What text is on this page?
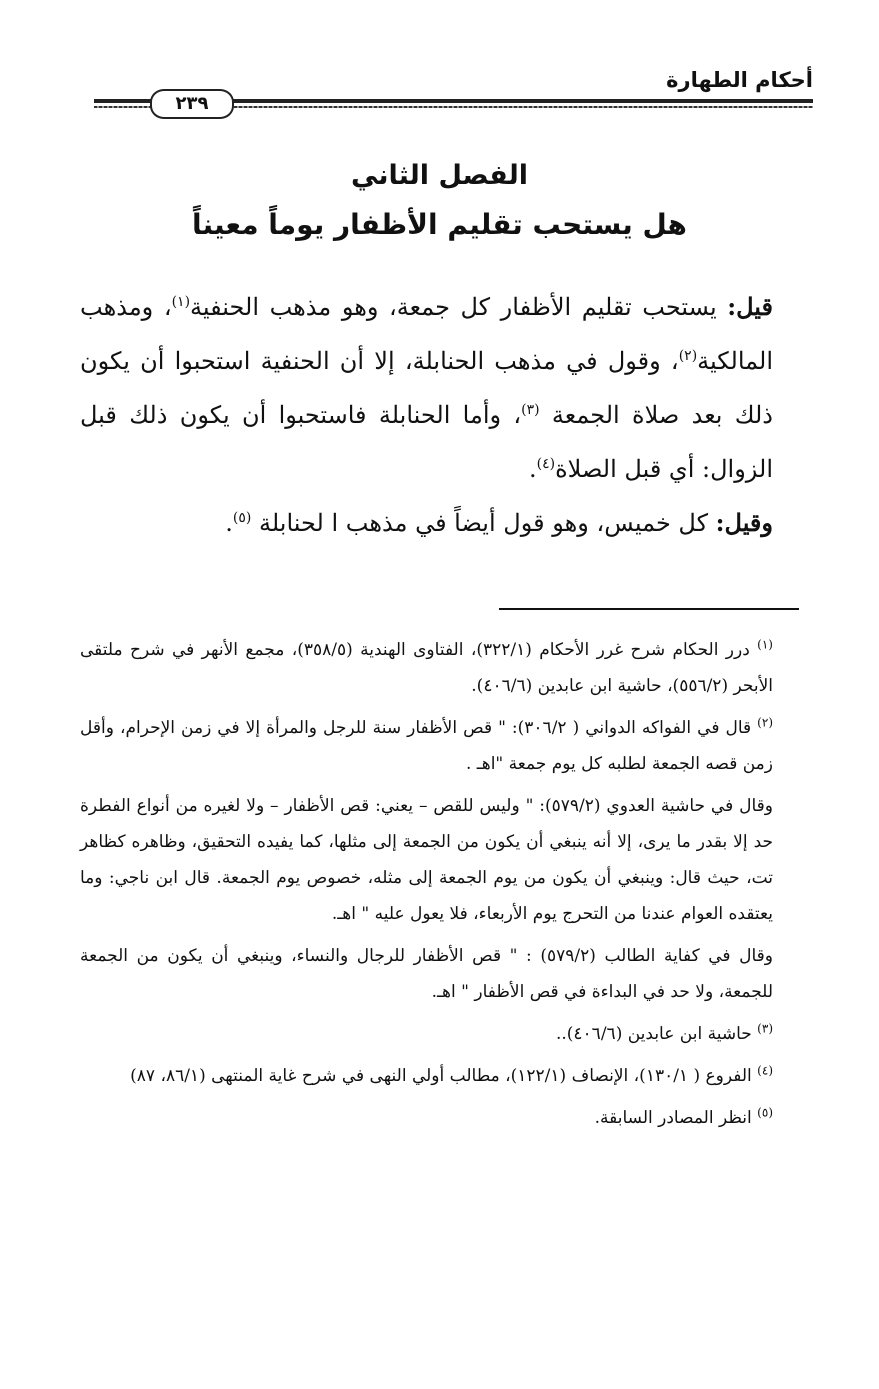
أحكام الطهارة
٢٣٩
الفصل الثاني
هل يستحب تقليم الأظفار يوماً معيناً

قيل: يستحب تقليم الأظفار كل جمعة، وهو مذهب الحنفية$^{(١)}$، ومذهب المالكية$^{(٢)}$، وقول في مذهب الحنابلة، إلا أن الحنفية استحبوا أن يكون ذلك بعد صلاة الجمعة $^{(٣)}$، وأما الحنابلة فاستحبوا أن يكون ذلك قبل الزوال: أي قبل الصلاة$^{(٤)}$.

وقيل: كل خميس، وهو قول أيضاً في مذهب ا لحنابلة $^{(٥)}$.

$^{(١)}$ درر الحكام شرح غرر الأحكام (٣٢٢/١)، الفتاوى الهندية (٣٥٨/٥)، مجمع الأنهر في شرح ملتقى الأبحر (٥٥٦/٢)، حاشية ابن عابدين (٤٠٦/٦).

$^{(٢)}$ قال في الفواكه الدواني ( ٣٠٦/٢): " قص الأظفار سنة للرجل والمرأة إلا في زمن الإحرام، وأقل زمن قصه الجمعة لطلبه كل يوم جمعة "اهـ .

وقال في حاشية العدوي (٥٧٩/٢): " وليس للقص – يعني: قص الأظفار – ولا لغيره من أنواع الفطرة حد إلا بقدر ما يرى، إلا أنه ينبغي أن يكون من الجمعة إلى مثلها، كما يفيده التحقيق، وظاهره كظاهر تت، حيث قال: وينبغي أن يكون من يوم الجمعة إلى مثله، خصوص يوم الجمعة. قال ابن ناجي: وما يعتقده العوام عندنا من التحرج يوم الأربعاء، فلا يعول عليه " اهـ.

وقال في كفاية الطالب (٥٧٩/٢) : " قص الأظفار للرجال والنساء، وينبغي أن يكون من الجمعة للجمعة، ولا حد في البداءة في قص الأظفار " اهـ.

$^{(٣)}$ حاشية ابن عابدين (٤٠٦/٦)..

$^{(٤)}$ الفروع ( ١٣٠/١)، الإنصاف (١٢٢/١)، مطالب أولي النهى في شرح غاية المنتهى (٨٦/١، ٨٧)

$^{(٥)}$ انظر المصادر السابقة.
